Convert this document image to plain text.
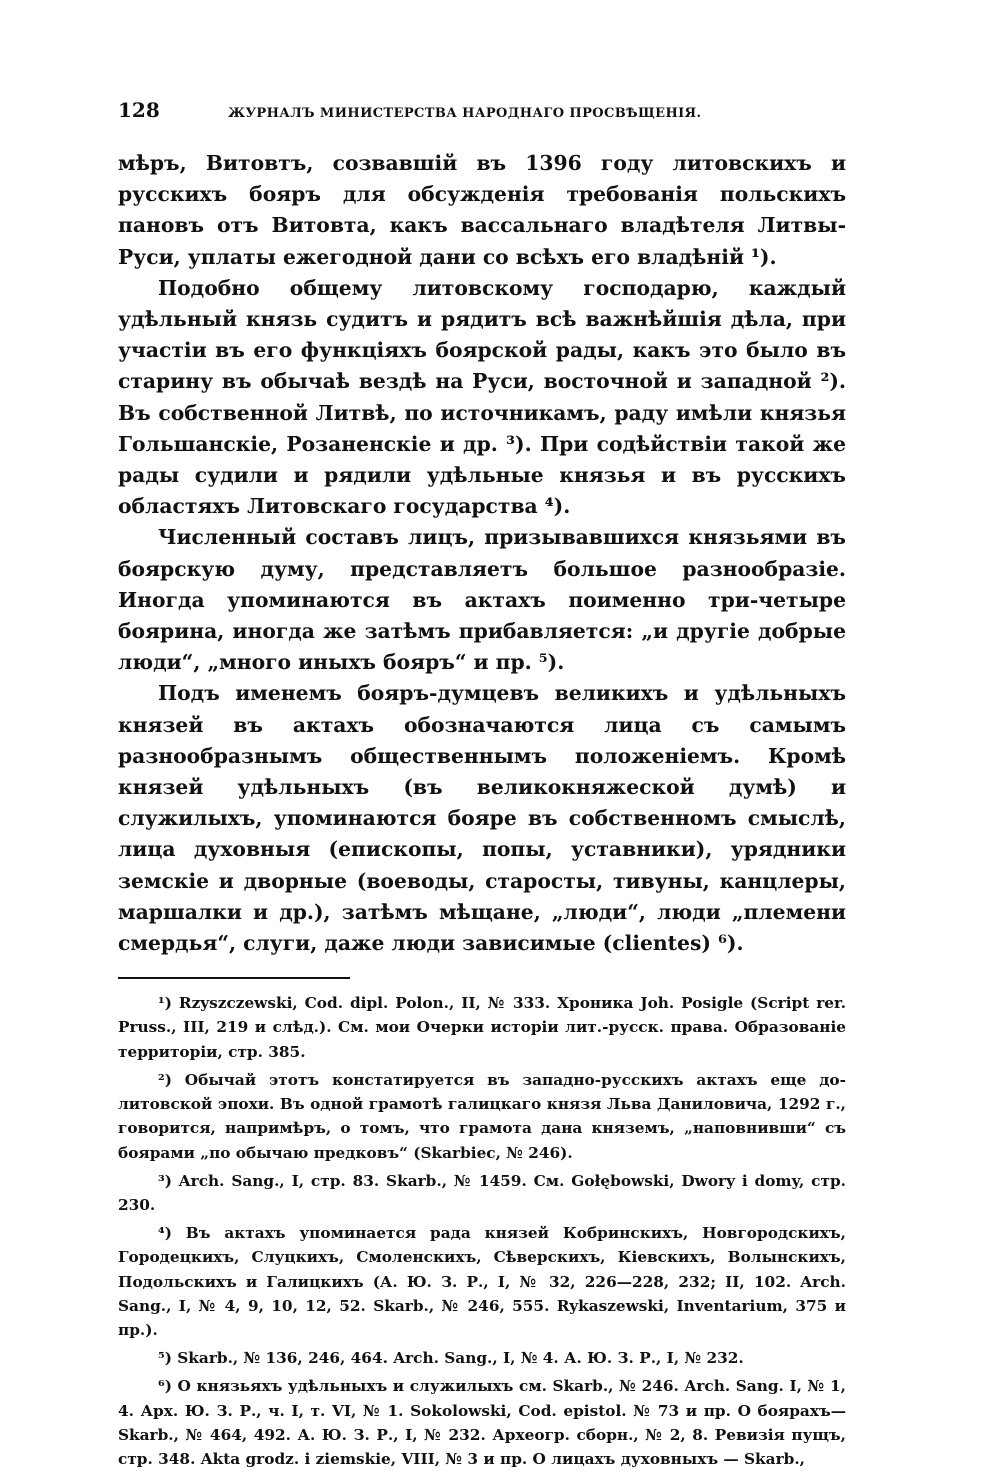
128	ЖУРНАЛЪ МИНИСТЕРСТВА НАРОДНАГО ПРОСВѢЩЕНІЯ.

мѣръ, Витовтъ, созвавшій въ 1396 году литовскихъ и русскихъ бояръ для обсужденія требованія польскихъ пановъ отъ Витовта, какъ вассальнаго владѣтеля Литвы-Руси, уплаты ежегодной дани со всѣхъ его владѣній ¹).

Подобно общему литовскому господарю, каждый удѣльный князь судитъ и рядитъ всѣ важнѣйшія дѣла, при участіи въ его функціяхъ боярской рады, какъ это было въ старину въ обычаѣ вездѣ на Руси, восточной и западной ²). Въ собственной Литвѣ, по источникамъ, раду имѣли князья Гольшанскіе, Розаненскіе и др. ³). При содѣйствіи такой же рады судили и рядили удѣльные князья и въ русскихъ областяхъ Литовскаго государства ⁴).

Численный составъ лицъ, призывавшихся князьями въ боярскую думу, представляетъ большое разнообразіе. Иногда упоминаются въ актахъ поименно три-четыре боярина, иногда же затѣмъ прибавляется: „и другіе добрые люди“, „много иныхъ бояръ“ и пр. ⁵).

Подъ именемъ бояръ-думцевъ великихъ и удѣльныхъ князей въ актахъ обозначаются лица съ самымъ разнообразнымъ общественнымъ положеніемъ. Кромѣ князей удѣльныхъ (въ великокняжеской думѣ) и служилыхъ, упоминаются бояре въ собственномъ смыслѣ, лица духовныя (епископы, попы, уставники), урядники земскіе и дворные (воеводы, старосты, тивуны, канцлеры, маршалки и др.), затѣмъ мѣщане, „люди“, люди „племени смердья“, слуги, даже люди зависимые (clientes) ⁶).

¹) Rzyszczewski, Cod. dipl. Polon., II, № 333. Хроника Joh. Posigle (Script rer. Pruss., III, 219 и слѣд.). См. мои Очерки исторіи лит.-русск. права. Образованіе территоріи, стр. 385.

²) Обычай этотъ констатируется въ западно-русскихъ актахъ еще до-литовской эпохи. Въ одной грамотѣ галицкаго князя Льва Даниловича, 1292 г., говорится, напримѣръ, о томъ, что грамота дана княземъ, „наповнивши“ съ боярами „по обычаю предковъ“ (Skarbiec, № 246).

³) Arch. Sang., I, стр. 83. Skarb., № 1459. См. Gołębowski, Dwory i domy, стр. 230.

⁴) Въ актахъ упоминается рада князей Кобринскихъ, Новгородскихъ, Городецкихъ, Слуцкихъ, Смоленскихъ, Сѣверскихъ, Кіевскихъ, Волынскихъ, Подольскихъ и Галицкихъ (А. Ю. З. Р., I, № 32, 226—228, 232; II, 102. Arch. Sang., I, № 4, 9, 10, 12, 52. Skarb., № 246, 555. Rykaszewski, Inventarium, 375 и пр.).

⁵) Skarb., № 136, 246, 464. Arch. Sang., I, № 4. А. Ю. З. Р., I, № 232.

⁶) О князьяхъ удѣльныхъ и служилыхъ см. Skarb., № 246. Arch. Sang. I, № 1, 4. Арх. Ю. З. Р., ч. I, т. VI, № 1. Sokolowski, Cod. epistol. № 73 и пр. О боярахъ— Skarb., № 464, 492. А. Ю. З. Р., I, № 232. Археогр. сборн., № 2, 8. Ревизія пущъ, стр. 348. Akta grodz. i ziemskie, VIII, № 3 и пр. О лицахъ духовныхъ — Skarb.,
